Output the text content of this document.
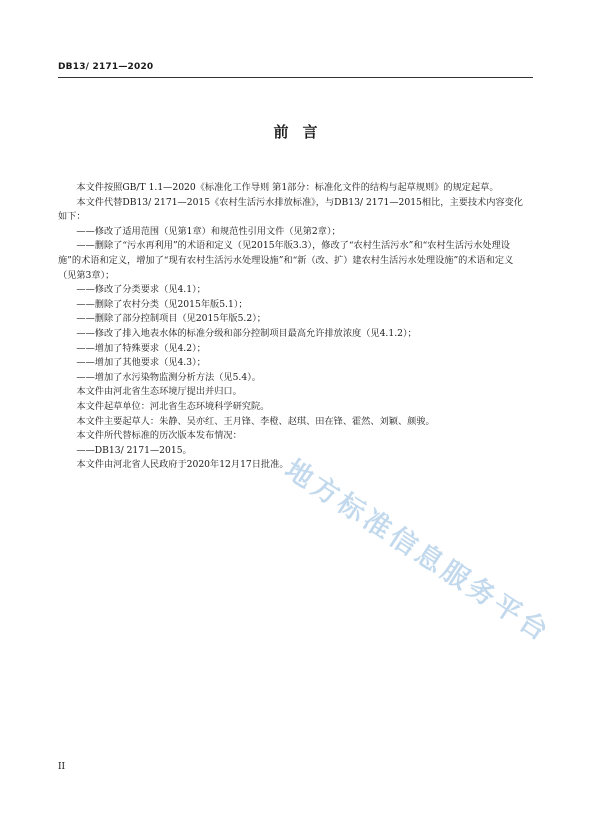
DB13/ 2171—2020
前言

本文件按照GB/T 1.1—2020《标准化工作导则 第1部分：标准化文件的结构与起草规则》的规定起草。

本文件代替DB13/ 2171—2015《农村生活污水排放标准》，与DB13/ 2171—2015相比，主要技术内容变化如下：

——修改了适用范围（见第1章）和规范性引用文件（见第2章）；

——删除了“污水再利用”的术语和定义（见2015年版3.3），修改了“农村生活污水”和“农村生活污水处理设施”的术语和定义，增加了“现有农村生活污水处理设施”和“新（改、扩）建农村生活污水处理设施”的术语和定义（见第3章）；

——修改了分类要求（见4.1）；

——删除了农村分类（见2015年版5.1）；

——删除了部分控制项目（见2015年版5.2）；

——修改了排入地表水体的标准分级和部分控制项目最高允许排放浓度（见4.1.2）；

——增加了特殊要求（见4.2）；

——增加了其他要求（见4.3）；

——增加了水污染物监测分析方法（见5.4）。

本文件由河北省生态环境厅提出并归口。

本文件起草单位：河北省生态环境科学研究院。

本文件主要起草人：朱静、吴亦红、王月锋、李橙、赵琪、田在锋、霍然、刘颖、颜骏。

本文件所代替标准的历次版本发布情况：

——DB13/ 2171—2015。

本文件由河北省人民政府于2020年12月17日批准。

地方标准信息服务平台
II
